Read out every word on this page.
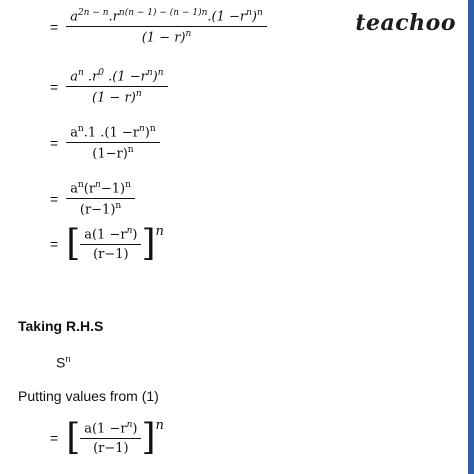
teachoo
= $\frac{a^{2n - n}.r^{n(n - 1) - (n - 1)n}.(1 -r^n)^n}{(1 - r)^n}$
= $\frac{a^n .r^0 .(1 -r^n)^n}{(1 - r)^n}$
= $\frac{a^n.1 .(1 -r^n)^n}{(1-r)^n}$
= $\frac{a^n(r^n-1)^n}{(r-1)^n}$
= [ $\frac{a(1 -r^n)}{(r-1)}$ ] n
Taking R.H.S
$S^n$
Putting values from (1)
= [ $\frac{a(1 -r^n)}{(r-1)}$ ] n
